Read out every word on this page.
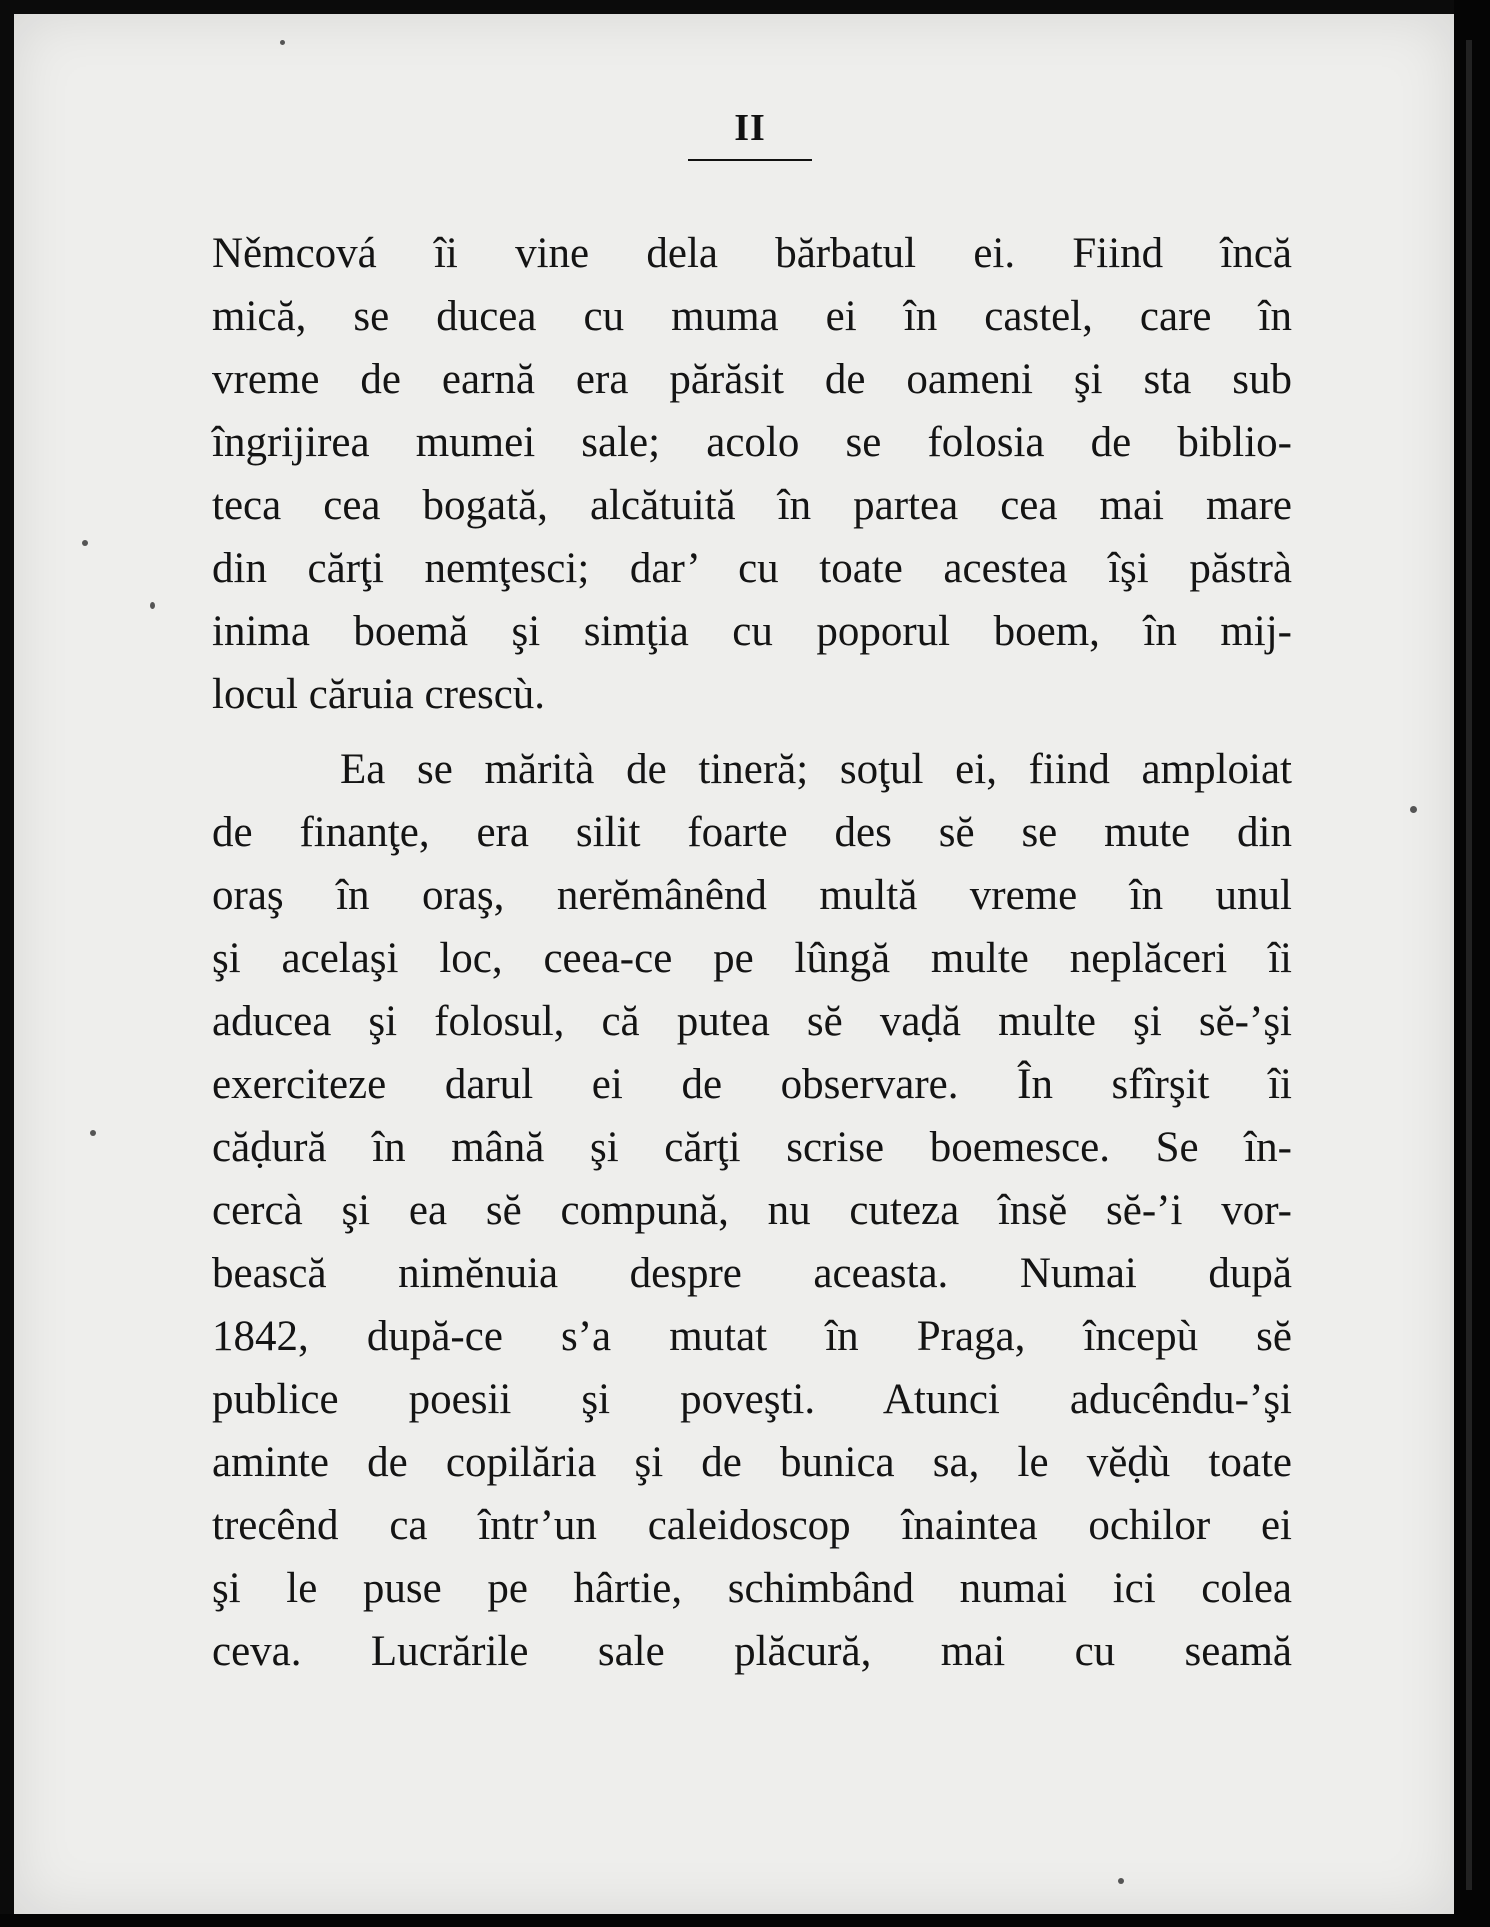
II
Němcová îi vine dela bărbatul ei. Fiind încă
mică, se ducea cu muma ei în castel, care în
vreme de earnă era părăsit de oameni şi sta sub
îngrijirea mumei sale; acolo se folosia de biblio-
teca cea bogată, alcătuită în partea cea mai mare
din cărţi nemţesci; dar’ cu toate acestea îşi păstrà
inima boemă şi simţia cu poporul boem, în mij-
locul căruia crescù.
Ea se mărità de tineră; soţul ei, fiind amploiat
de finanţe, era silit foarte des sĕ se mute din
oraş în oraş, nerĕmânênd multă vreme în unul
şi acelaşi loc, ceea-ce pe lûngă multe neplăceri îi
aducea şi folosul, că putea sĕ vaḍă multe şi sĕ-’şi
exerciteze darul ei de observare. În sfîrşit îi
căḍură în mână şi cărţi scrise boemesce. Se în-
cercà şi ea sĕ compună, nu cuteza însĕ sĕ-’i vor-
bească nimĕnuia despre aceasta. Numai după
1842, după-ce s’a mutat în Praga, începù sĕ
publice poesii şi poveşti. Atunci aducêndu-’şi
aminte de copilăria şi de bunica sa, le vĕḍù toate
trecênd ca într’un caleidoscop înaintea ochilor ei
şi le puse pe hârtie, schimbând numai ici colea
ceva. Lucrările sale plăcură, mai cu seamă
